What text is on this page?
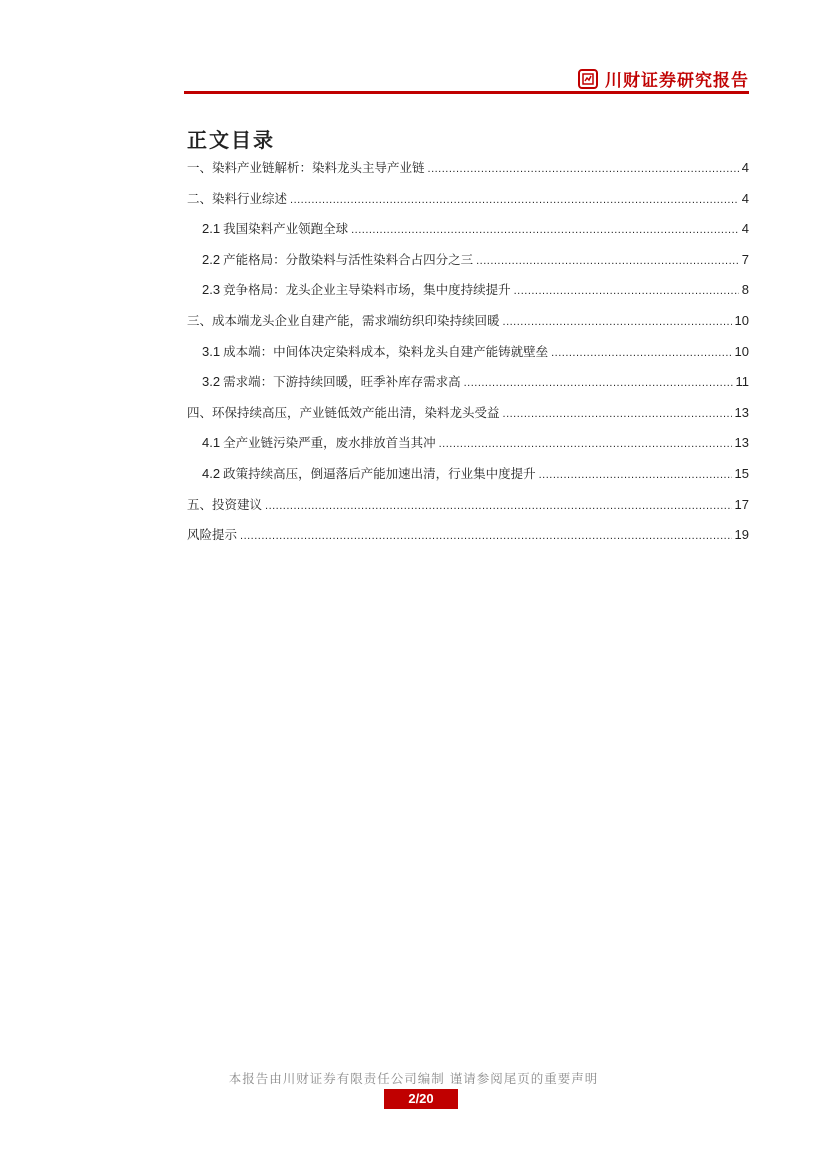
川财证券研究报告
正文目录
一、染料产业链解析：染料龙头主导产业链 .....	4
二、染料行业综述 .....	4
2.1 我国染料产业领跑全球 .....	4
2.2 产能格局：分散染料与活性染料合占四分之三 .....	7
2.3 竞争格局：龙头企业主导染料市场，集中度持续提升 .....	8
三、成本端龙头企业自建产能，需求端纺织印染持续回暖 .....	10
3.1 成本端：中间体决定染料成本，染料龙头自建产能铸就壁垒 .....	10
3.2 需求端：下游持续回暖，旺季补库存需求高 .....	11
四、环保持续高压，产业链低效产能出清，染料龙头受益 .....	13
4.1 全产业链污染严重，废水排放首当其冲 .....	13
4.2 政策持续高压，倒逼落后产能加速出清，行业集中度提升 .....	15
五、投资建议 .....	17
风险提示 .....	19
本报告由川财证券有限责任公司编制 谨请参阅尾页的重要声明
2/20
